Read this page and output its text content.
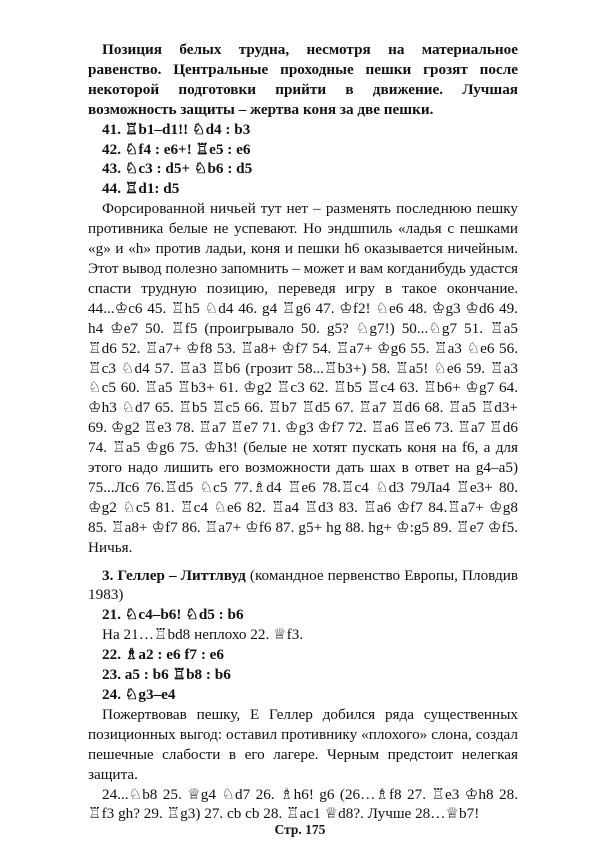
Позиция белых трудна, несмотря на материальное равенство. Центральные проходные пешки грозят после некоторой подготовки прийти в движение. Лучшая возможность защиты – жертва коня за две пешки.

41. ♖b1–d1!! ♘d4 : b3

42. ♘f4 : e6+! ♖e5 : e6

43. ♘c3 : d5+ ♘b6 : d5

44. ♖d1: d5

Форсированной ничьей тут нет – разменять последнюю пешку противника белые не успевают. Но эндшпиль «ладья с пешками «g» и «h» против ладьи, коня и пешки h6 оказывается ничейным. Этот вывод полезно запомнить – может и вам когданибудь удастся спасти трудную позицию, переведя игру в такое окончание. 44...♔c6 45. ♖h5 ♘d4 46. g4 ♖g6 47. ♔f2! ♘e6 48. ♔g3 ♔d6 49. h4 ♔e7 50. ♖f5 (проигрывало 50. g5? ♘g7!) 50...♘g7 51. ♖a5 ♖d6 52. ♖a7+ ♔f8 53. ♖a8+ ♔f7 54. ♖a7+ ♔g6 55. ♖a3 ♘e6 56. ♖c3 ♘d4 57. ♖a3 ♖b6 (грозит 58...♖b3+) 58. ♖a5! ♘e6 59. ♖a3 ♘c5 60. ♖a5 ♖b3+ 61. ♔g2 ♖c3 62. ♖b5 ♖c4 63. ♖b6+ ♔g7 64. ♔h3 ♘d7 65. ♖b5 ♖c5 66. ♖b7 ♖d5 67. ♖a7 ♖d6 68. ♖a5 ♖d3+ 69. ♔g2 ♖e3 78. ♖a7 ♖e7 71. ♔g3 ♔f7 72. ♖a6 ♖e6 73. ♖a7 ♖d6 74. ♖a5 ♔g6 75. ♔h3! (белые не хотят пускать коня на f6, а для этого надо лишить его возможности дать шах в ответ на g4–a5) 75...Лc6 76.♖d5 ♘c5 77.♗d4 ♖e6 78.♖c4 ♘d3 79Лa4 ♖e3+ 80. ♔g2 ♘c5 81. ♖c4 ♘e6 82. ♖a4 ♖d3 83. ♖a6 ♔f7 84.♖a7+ ♔g8 85. ♖a8+ ♔f7 86. ♖a7+ ♔f6 87. g5+ hg 88. hg+ ♔:g5 89. ♖e7 ♔f5. Ничья.

3. Геллер – Литтлвуд (командное первенство Европы, Пловдив 1983)

21. ♘c4–b6! ♘d5 : b6

На 21…♖bd8 неплохо 22. ♕f3.

22. ♗a2 : e6 f7 : e6

23. a5 : b6 ♖b8 : b6

24. ♘g3–e4

Пожертвовав пешку, Е Геллер добился ряда существенных позиционных выгод: оставил противнику «плохого» слона, создал пешечные слабости в его лагере. Черным предстоит нелегкая защита.

24...♘b8 25. ♕g4 ♘d7 26. ♗h6! g6 (26…♗f8 27. ♖e3 ♔h8 28. ♖f3 gh? 29. ♖g3) 27. cb cb 28. ♖ac1 ♕d8?. Лучше 28…♕b7!

Стр. 175
